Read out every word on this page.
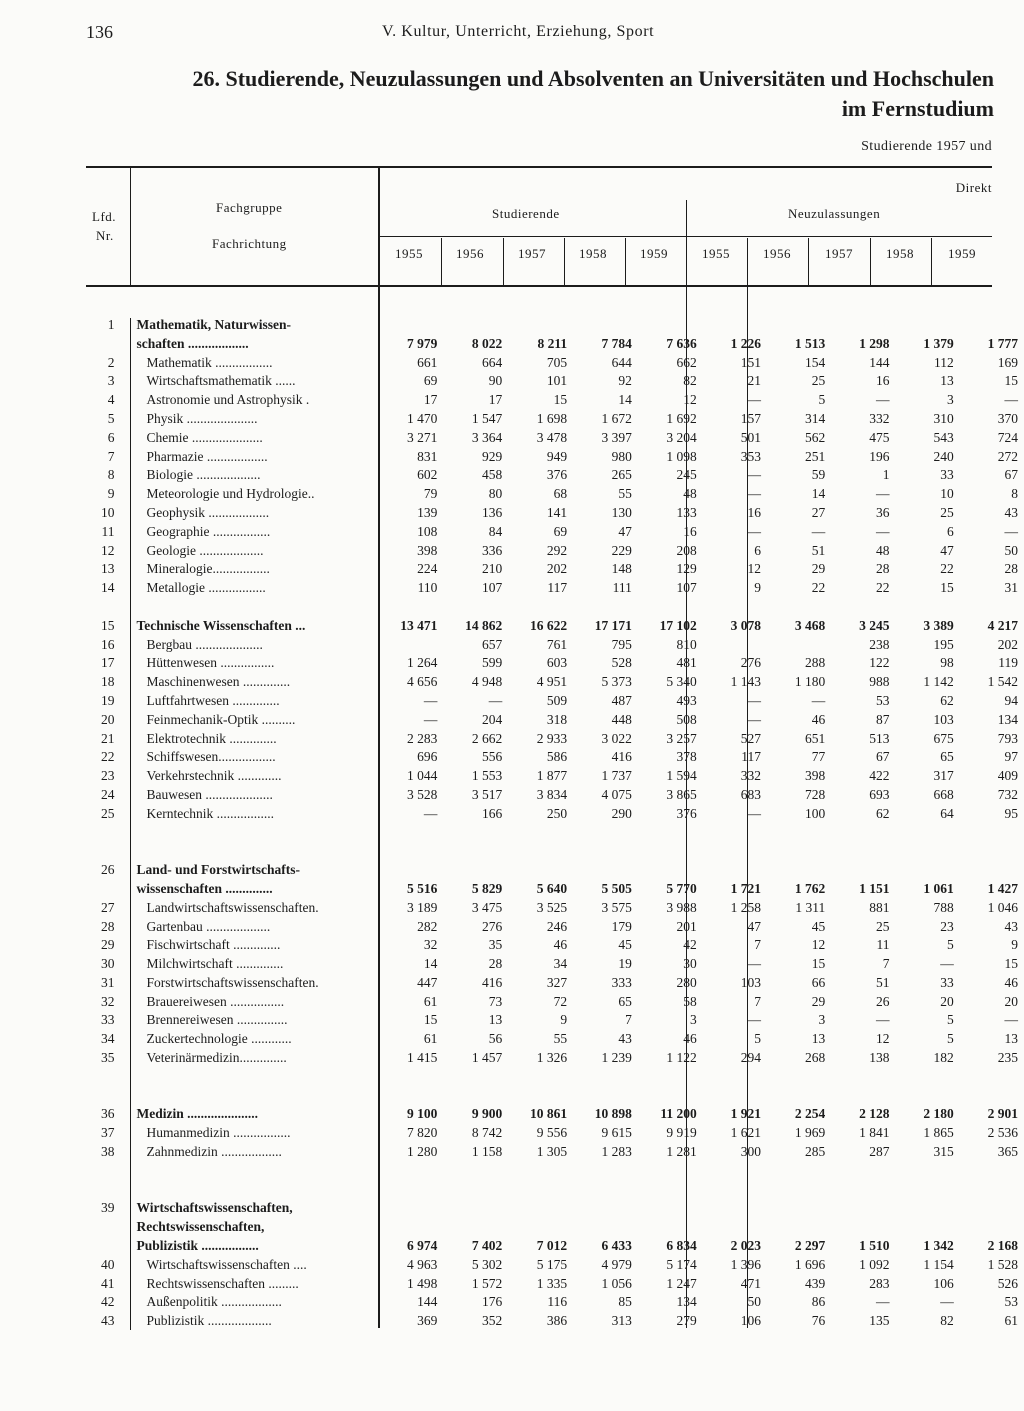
136	V. Kultur, Unterricht, Erziehung, Sport
26. Studierende, Neuzulassungen und Absolventen an Universitäten und Hochschulen
im Fernstudium
Studierende 1957 und
Lfd.
Nr.
Fachgruppe
Fachrichtung
Direkt
Studierende	Neuzulassungen
1955	1956	1957	1958	1959	1955	1956	1957	1958	1959
1	Mathematik, Naturwissen-										
	schaften ..................	7 979	8 022	8 211	7 784	7 636	1 226	1 513	1 298	1 379	1 777
2	Mathematik .................	661	664	705	644	662	151	154	144	112	169
3	Wirtschaftsmathematik ......	69	90	101	92	82	21	25	16	13	15
4	Astronomie und Astrophysik .	17	17	15	14	12	—	5	—	3	—
5	Physik .....................	1 470	1 547	1 698	1 672	1 692	157	314	332	310	370
6	Chemie .....................	3 271	3 364	3 478	3 397	3 204	501	562	475	543	724
7	Pharmazie ..................	831	929	949	980	1 098	353	251	196	240	272
8	Biologie ...................	602	458	376	265	245	—	59	1	33	67
9	Meteorologie und Hydrologie..	79	80	68	55	48	—	14	—	10	8
10	Geophysik ..................	139	136	141	130	133	16	27	36	25	43
11	Geographie .................	108	84	69	47	16	—	—	—	6	—
12	Geologie ...................	398	336	292	229	208	6	51	48	47	50
13	Mineralogie.................	224	210	202	148	129	12	29	28	22	28
14	Metallogie .................	110	107	117	111	107	9	22	22	15	31

15	Technische Wissenschaften ...	13 471	14 862	16 622	17 171	17 102	3 078	3 468	3 245	3 389	4 217
16	Bergbau ....................		657	761	795	810			238	195	202
17	Hüttenwesen ................	1 264	599	603	528	481	276	288	122	98	119
18	Maschinenwesen ..............	4 656	4 948	4 951	5 373	5 340	1 143	1 180	988	1 142	1 542
19	Luftfahrtwesen ..............	—	—	509	487	493	—	—	53	62	94
20	Feinmechanik-Optik ..........	—	204	318	448	508	—	46	87	103	134
21	Elektrotechnik ..............	2 283	2 662	2 933	3 022	3 257	527	651	513	675	793
22	Schiffswesen.................	696	556	586	416	378	117	77	67	65	97
23	Verkehrstechnik .............	1 044	1 553	1 877	1 737	1 594	332	398	422	317	409
24	Bauwesen ....................	3 528	3 517	3 834	4 075	3 865	683	728	693	668	732
25	Kerntechnik .................	—	166	250	290	376	—	100	62	64	95

26	Land- und Forstwirtschafts-										
	wissenschaften ..............	5 516	5 829	5 640	5 505	5 770	1 721	1 762	1 151	1 061	1 427
27	Landwirtschaftswissenschaften.	3 189	3 475	3 525	3 575	3 988	1 258	1 311	881	788	1 046
28	Gartenbau ...................	282	276	246	179	201	47	45	25	23	43
29	Fischwirtschaft ..............	32	35	46	45	42	7	12	11	5	9
30	Milchwirtschaft ..............	14	28	34	19	30	—	15	7	—	15
31	Forstwirtschaftswissenschaften.	447	416	327	333	280	103	66	51	33	46
32	Brauereiwesen ................	61	73	72	65	58	7	29	26	20	20
33	Brennereiwesen ...............	15	13	9	7	3	—	3	—	5	—
34	Zuckertechnologie ............	61	56	55	43	46	5	13	12	5	13
35	Veterinärmedizin..............	1 415	1 457	1 326	1 239	1 122	294	268	138	182	235

36	Medizin .....................	9 100	9 900	10 861	10 898	11 200	1 921	2 254	2 128	2 180	2 901
37	Humanmedizin .................	7 820	8 742	9 556	9 615	9 919	1 621	1 969	1 841	1 865	2 536
38	Zahnmedizin ..................	1 280	1 158	1 305	1 283	1 281	300	285	287	315	365

39	Wirtschaftswissenschaften,										
	Rechtswissenschaften,										
	Publizistik .................	6 974	7 402	7 012	6 433	6 834	2 023	2 297	1 510	1 342	2 168
40	Wirtschaftswissenschaften ....	4 963	5 302	5 175	4 979	5 174	1 396	1 696	1 092	1 154	1 528
41	Rechtswissenschaften .........	1 498	1 572	1 335	1 056	1 247	471	439	283	106	526
42	Außenpolitik ..................	144	176	116	85	134	50	86	—	—	53
43	Publizistik ...................	369	352	386	313	279	106	76	135	82	61
